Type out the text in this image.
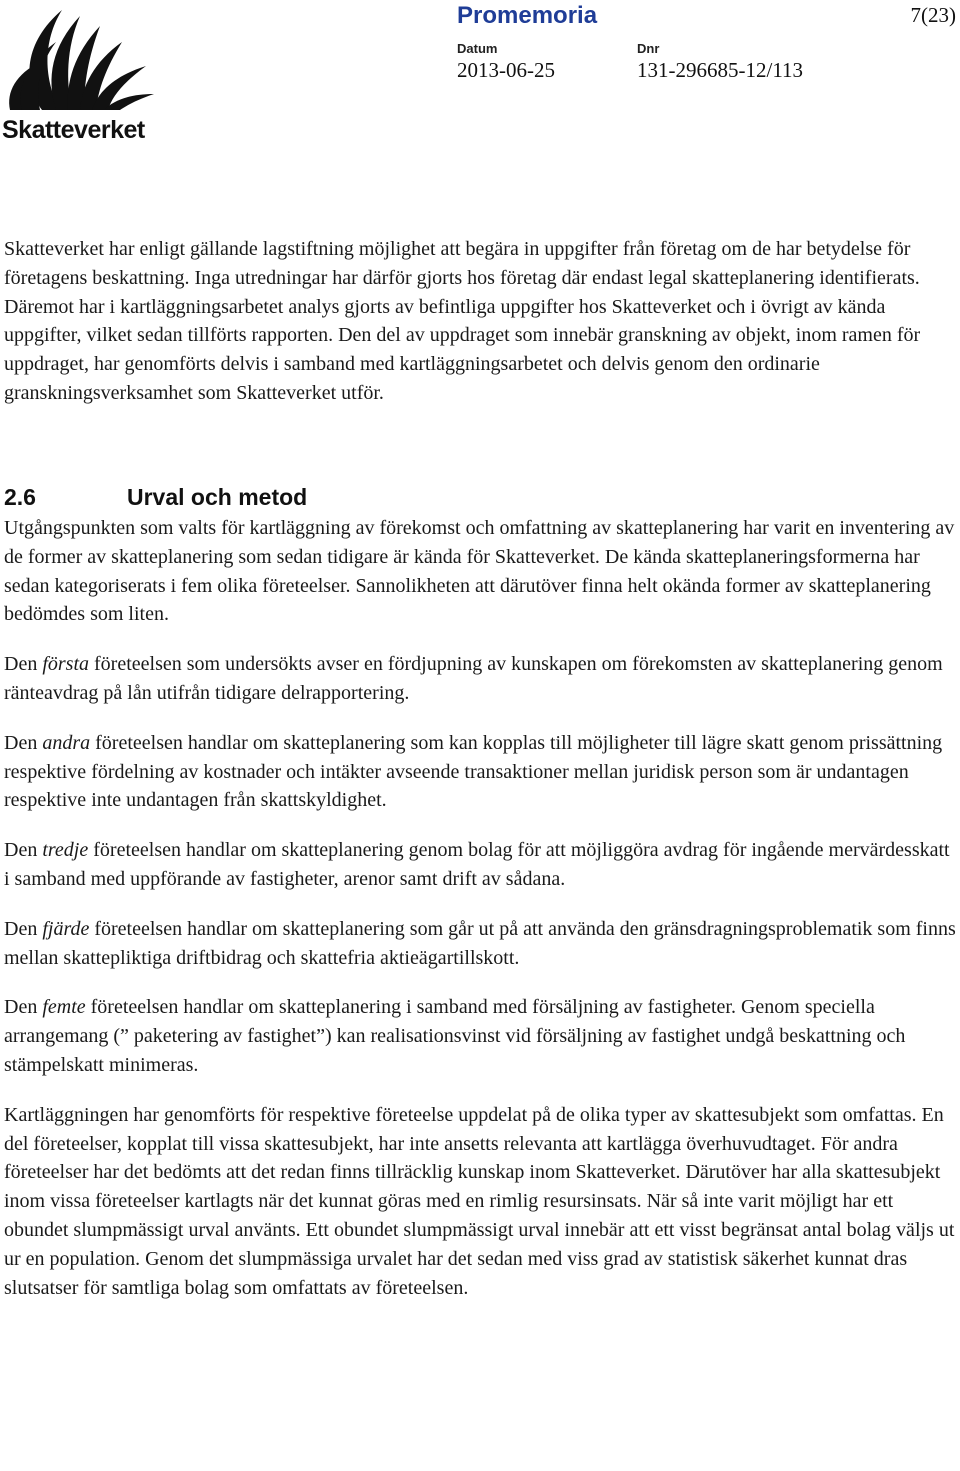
Skatteverket
Promemoria	7(23)
Datum
2013-06-25
Dnr
131-296685-12/113

Skatteverket har enligt gällande lagstiftning möjlighet att begära in uppgifter från företag om de har betydelse för företagens beskattning. Inga utredningar har därför gjorts hos företag där endast legal skatteplanering identifierats. Däremot har i kartläggningsarbetet analys gjorts av befintliga uppgifter hos Skatteverket och i övrigt av kända uppgifter, vilket sedan tillförts rapporten. Den del av uppdraget som innebär granskning av objekt, inom ramen för uppdraget, har genomförts delvis i samband med kartläggningsarbetet och delvis genom den ordinarie granskningsverksamhet som Skatteverket utför.

2.6	Urval och metod

Utgångspunkten som valts för kartläggning av förekomst och omfattning av skatteplanering har varit en inventering av de former av skatteplanering som sedan tidigare är kända för Skatteverket. De kända skatteplaneringsformerna har sedan kategoriserats i fem olika företeelser. Sannolikheten att därutöver finna helt okända former av skatteplanering bedömdes som liten.

Den första företeelsen som undersökts avser en fördjupning av kunskapen om förekomsten av skatteplanering genom ränteavdrag på lån utifrån tidigare delrapportering.

Den andra företeelsen handlar om skatteplanering som kan kopplas till möjligheter till lägre skatt genom prissättning respektive fördelning av kostnader och intäkter avseende transaktioner mellan juridisk person som är undantagen respektive inte undantagen från skattskyldighet.

Den tredje företeelsen handlar om skatteplanering genom bolag för att möjliggöra avdrag för ingående mervärdesskatt i samband med uppförande av fastigheter, arenor samt drift av sådana.

Den fjärde företeelsen handlar om skatteplanering som går ut på att använda den gränsdragningsproblematik som finns mellan skattepliktiga driftbidrag och skattefria aktieägartillskott.

Den femte företeelsen handlar om skatteplanering i samband med försäljning av fastigheter. Genom speciella arrangemang (” paketering av fastighet”) kan realisationsvinst vid försäljning av fastighet undgå beskattning och stämpelskatt minimeras.

Kartläggningen har genomförts för respektive företeelse uppdelat på de olika typer av skattesubjekt som omfattas. En del företeelser, kopplat till vissa skattesubjekt, har inte ansetts relevanta att kartlägga överhuvudtaget. För andra företeelser har det bedömts att det redan finns tillräcklig kunskap inom Skatteverket. Därutöver har alla skattesubjekt inom vissa företeelser kartlagts när det kunnat göras med en rimlig resursinsats. När så inte varit möjligt har ett obundet slumpmässigt urval använts. Ett obundet slumpmässigt urval innebär att ett visst begränsat antal bolag väljs ut ur en population. Genom det slumpmässiga urvalet har det sedan med viss grad av statistisk säkerhet kunnat dras slutsatser för samtliga bolag som omfattats av företeelsen.
